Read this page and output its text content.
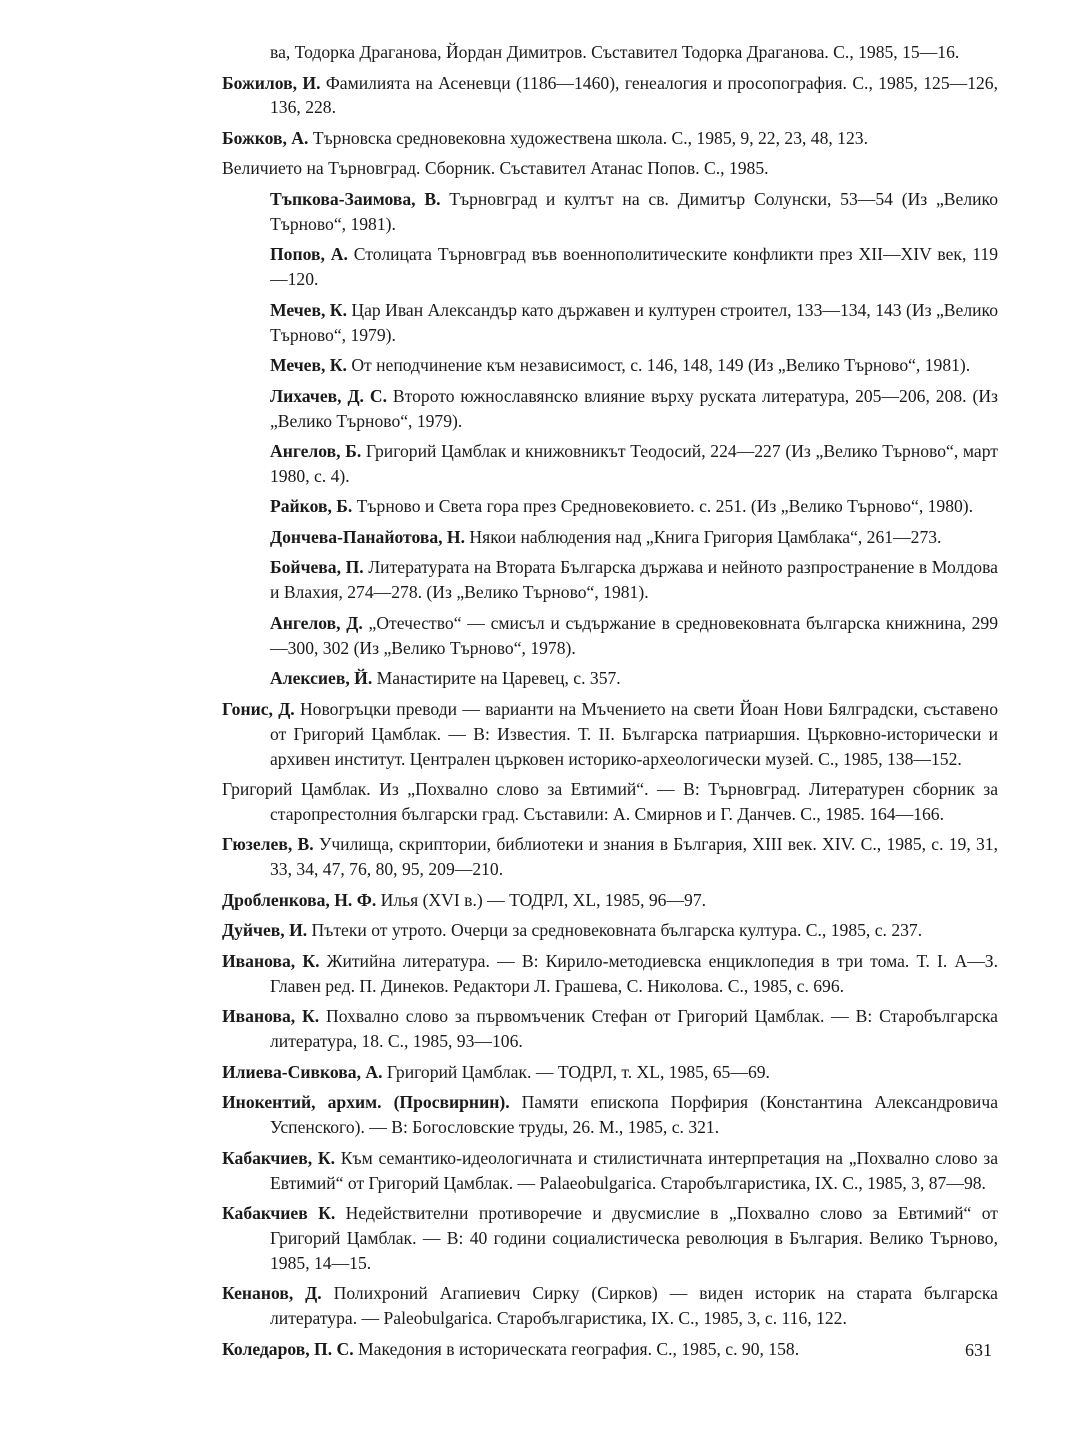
ва, Тодорка Драганова, Йордан Димитров. Съставител Тодорка Драганова. С., 1985, 15—16.

Божилов, И. Фамилията на Асеневци (1186—1460), генеалогия и просопография. С., 1985, 125—126, 136, 228.

Божков, А. Търновска средновековна художествена школа. С., 1985, 9, 22, 23, 48, 123.

Величието на Търновград. Сборник. Съставител Атанас Попов. С., 1985.

Тъпкова-Заимова, В. Търновград и култът на св. Димитър Солунски, 53—54 (Из „Велико Търново“, 1981).

Попов, А. Столицата Търновград във военнополитическите конфликти през XII—XIV век, 119—120.

Мечев, К. Цар Иван Александър като държавен и културен строител, 133—134, 143 (Из „Велико Търново“, 1979).

Мечев, К. От неподчинение към независимост, с. 146, 148, 149 (Из „Велико Търново“, 1981).

Лихачев, Д. С. Второто южнославянско влияние върху руската литература, 205—206, 208. (Из „Велико Търново“, 1979).

Ангелов, Б. Григорий Цамблак и книжовникът Теодосий, 224—227 (Из „Велико Търново“, март 1980, с. 4).

Райков, Б. Търново и Света гора през Средновековието. с. 251. (Из „Велико Търново“, 1980).

Дончева-Панайотова, Н. Някои наблюдения над „Книга Григория Цамблака“, 261—273.

Бойчева, П. Литературата на Втората Българска държава и нейното разпространение в Молдова и Влахия, 274—278. (Из „Велико Търново“, 1981).

Ангелов, Д. „Отечество“ — смисъл и съдържание в средновековната българска книжнина, 299—300, 302 (Из „Велико Търново“, 1978).

Алексиев, Й. Манастирите на Царевец, с. 357.

Гонис, Д. Новогръцки преводи — варианти на Мъчението на свети Йоан Нови Бялградски, съставено от Григорий Цамблак. — В: Известия. Т. II. Българска патриаршия. Църковно-исторически и архивен институт. Централен църковен историко-археологически музей. С., 1985, 138—152.

Григорий Цамблак. Из „Похвално слово за Евтимий“. — В: Търновград. Литературен сборник за старопрестолния български град. Съставили: А. Смирнов и Г. Данчев. С., 1985. 164—166.

Гюзелев, В. Училища, скриптории, библиотеки и знания в България, XIII век. XIV. С., 1985, с. 19, 31, 33, 34, 47, 76, 80, 95, 209—210.

Дробленкова, Н. Ф. Илья (XVI в.) — ТОДРЛ, XL, 1985, 96—97.

Дуйчев, И. Пътеки от утрото. Очерци за средновековната българска култура. С., 1985, с. 237.

Иванова, К. Житийна литература. — В: Кирило-методиевска енциклопедия в три тома. Т. I. А—З. Главен ред. П. Динеков. Редактори Л. Грашева, С. Николова. С., 1985, с. 696.

Иванова, К. Похвално слово за първомъченик Стефан от Григорий Цамблак. — В: Старобългарска литература, 18. С., 1985, 93—106.

Илиева-Сивкова, А. Григорий Цамблак. — ТОДРЛ, т. XL, 1985, 65—69.

Инокентий, архим. (Просвирнин). Памяти епископа Порфирия (Константина Александровича Успенского). — В: Богословские труды, 26. М., 1985, с. 321.

Кабакчиев, К. Към семантико-идеологичната и стилистичната интерпретация на „Похвално слово за Евтимий“ от Григорий Цамблак. — Palaeobulgarica. Старобългаристика, IX. С., 1985, 3, 87—98.

Кабакчиев К. Недействителни противоречие и двусмислие в „Похвално слово за Евтимий“ от Григорий Цамблак. — В: 40 години социалистическа революция в България. Велико Търново, 1985, 14—15.

Кенанов, Д. Полихроний Агапиевич Сирку (Сирков) — виден историк на старата българска литература. — Paleobulgarica. Старобългаристика, IX. С., 1985, 3, с. 116, 122.

Коледаров, П. С. Македония в историческата география. С., 1985, с. 90, 158.	631
